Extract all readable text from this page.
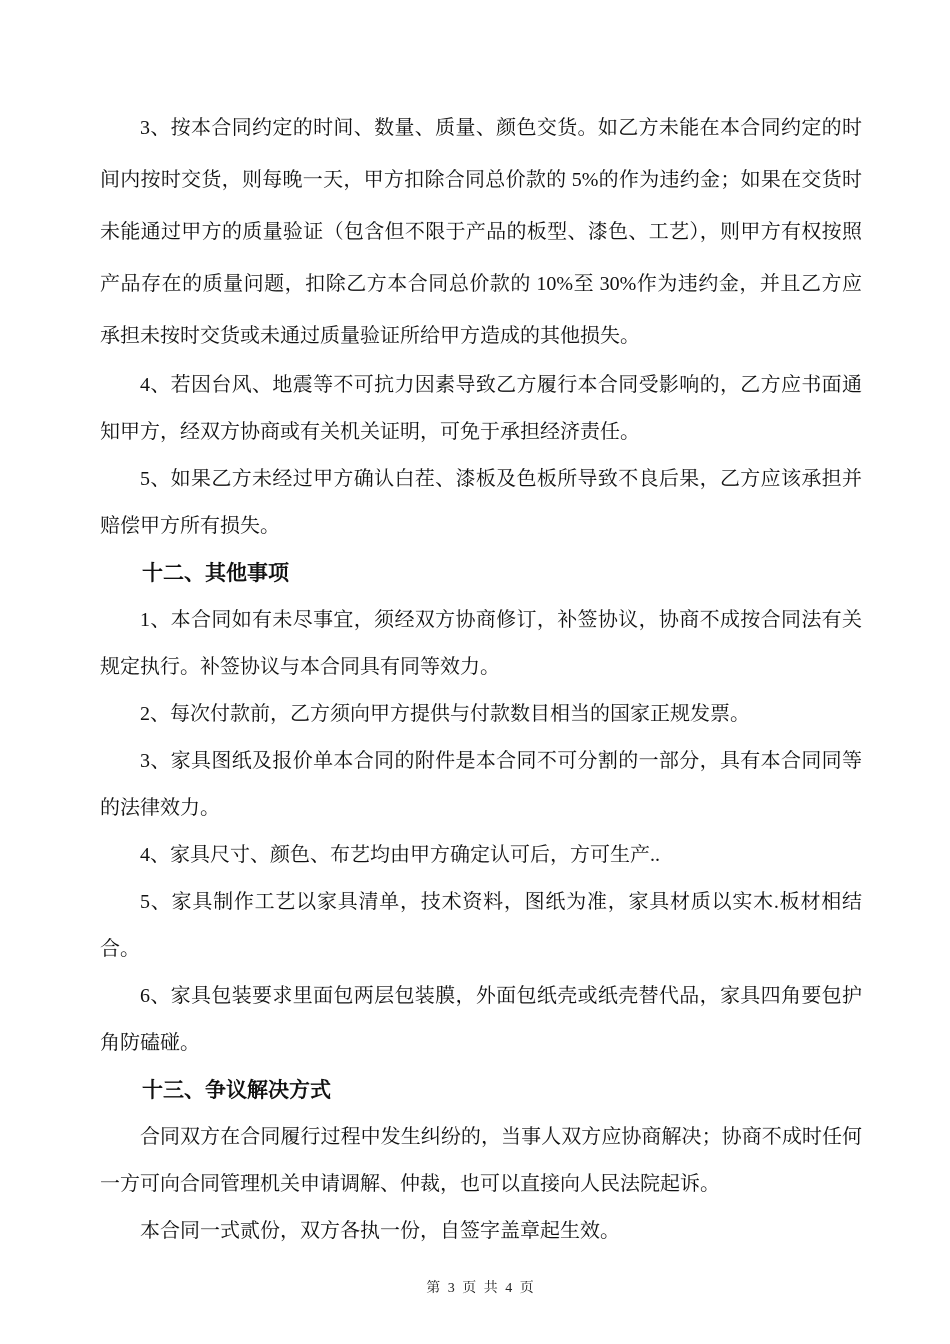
3、按本合同约定的时间、数量、质量、颜色交货。如乙方未能在本合同约定的时间内按时交货，则每晚一天，甲方扣除合同总价款的 5%的作为违约金；如果在交货时未能通过甲方的质量验证（包含但不限于产品的板型、漆色、工艺），则甲方有权按照产品存在的质量问题，扣除乙方本合同总价款的 10%至 30%作为违约金，并且乙方应承担未按时交货或未通过质量验证所给甲方造成的其他损失。

4、若因台风、地震等不可抗力因素导致乙方履行本合同受影响的，乙方应书面通知甲方，经双方协商或有关机关证明，可免于承担经济责任。

5、如果乙方未经过甲方确认白茬、漆板及色板所导致不良后果，乙方应该承担并赔偿甲方所有损失。

十二、其他事项

1、本合同如有未尽事宜，须经双方协商修订，补签协议，协商不成按合同法有关规定执行。补签协议与本合同具有同等效力。

2、每次付款前，乙方须向甲方提供与付款数目相当的国家正规发票。

3、家具图纸及报价单本合同的附件是本合同不可分割的一部分，具有本合同同等的法律效力。

4、家具尺寸、颜色、布艺均由甲方确定认可后，方可生产..

5、家具制作工艺以家具清单，技术资料，图纸为准，家具材质以实木.板材相结合。

6、家具包装要求里面包两层包装膜，外面包纸壳或纸壳替代品，家具四角要包护角防磕碰。

十三、争议解决方式

合同双方在合同履行过程中发生纠纷的，当事人双方应协商解决；协商不成时任何一方可向合同管理机关申请调解、仲裁，也可以直接向人民法院起诉。

本合同一式贰份，双方各执一份，自签字盖章起生效。

第 3 页 共 4 页
